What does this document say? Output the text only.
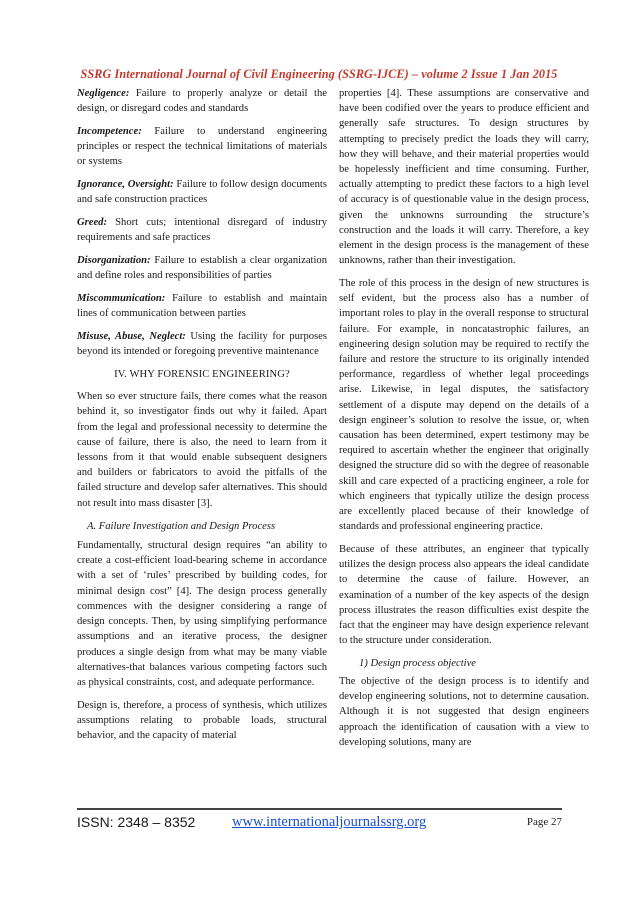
SSRG International Journal of Civil Engineering (SSRG-IJCE) – volume 2 Issue 1 Jan 2015

Negligence: Failure to properly analyze or detail the design, or disregard codes and standards

Incompetence: Failure to understand engineering principles or respect the technical limitations of materials or systems

Ignorance, Oversight: Failure to follow design documents and safe construction practices

Greed: Short cuts; intentional disregard of industry requirements and safe practices

Disorganization: Failure to establish a clear organization and define roles and responsibilities of parties

Miscommunication: Failure to establish and maintain lines of communication between parties

Misuse, Abuse, Neglect: Using the facility for purposes beyond its intended or foregoing preventive maintenance

IV. WHY FORENSIC ENGINEERING?

When so ever structure fails, there comes what the reason behind it, so investigator finds out why it failed. Apart from the legal and professional necessity to determine the cause of failure, there is also, the need to learn from it lessons from it that would enable subsequent designers and builders or fabricators to avoid the pitfalls of the failed structure and develop safer alternatives. This should not result into mass disaster [3].

A. Failure Investigation and Design Process

Fundamentally, structural design requires “an ability to create a cost-efficient load-bearing scheme in accordance with a set of ‘rules’ prescribed by building codes, for minimal design cost” [4]. The design process generally commences with the designer considering a range of design concepts. Then, by using simplifying performance assumptions and an iterative process, the designer produces a single design from what may be many viable alternatives-that balances various competing factors such as physical constraints, cost, and adequate performance.

Design is, therefore, a process of synthesis, which utilizes assumptions relating to probable loads, structural behavior, and the capacity of material

properties [4]. These assumptions are conservative and have been codified over the years to produce efficient and generally safe structures. To design structures by attempting to precisely predict the loads they will carry, how they will behave, and their material properties would be hopelessly inefficient and time consuming. Further, actually attempting to predict these factors to a high level of accuracy is of questionable value in the design process, given the unknowns surrounding the structure’s construction and the loads it will carry. Therefore, a key element in the design process is the management of these unknowns, rather than their investigation.

The role of this process in the design of new structures is self evident, but the process also has a number of important roles to play in the overall response to structural failure. For example, in noncatastrophic failures, an engineering design solution may be required to rectify the failure and restore the structure to its originally intended performance, regardless of whether legal proceedings arise. Likewise, in legal disputes, the satisfactory settlement of a dispute may depend on the details of a design engineer’s solution to resolve the issue, or, when causation has been determined, expert testimony may be required to ascertain whether the engineer that originally designed the structure did so with the degree of reasonable skill and care expected of a practicing engineer, a role for which engineers that typically utilize the design process are excellently placed because of their knowledge of standards and professional engineering practice.

Because of these attributes, an engineer that typically utilizes the design process also appears the ideal candidate to determine the cause of failure. However, an examination of a number of the key aspects of the design process illustrates the reason difficulties exist despite the fact that the engineer may have design experience relevant to the structure under consideration.

1) Design process objective

The objective of the design process is to identify and develop engineering solutions, not to determine causation. Although it is not suggested that design engineers approach the identification of causation with a view to developing solutions, many are

ISSN: 2348 – 8352	www.internationaljournalssrg.org	Page 27
